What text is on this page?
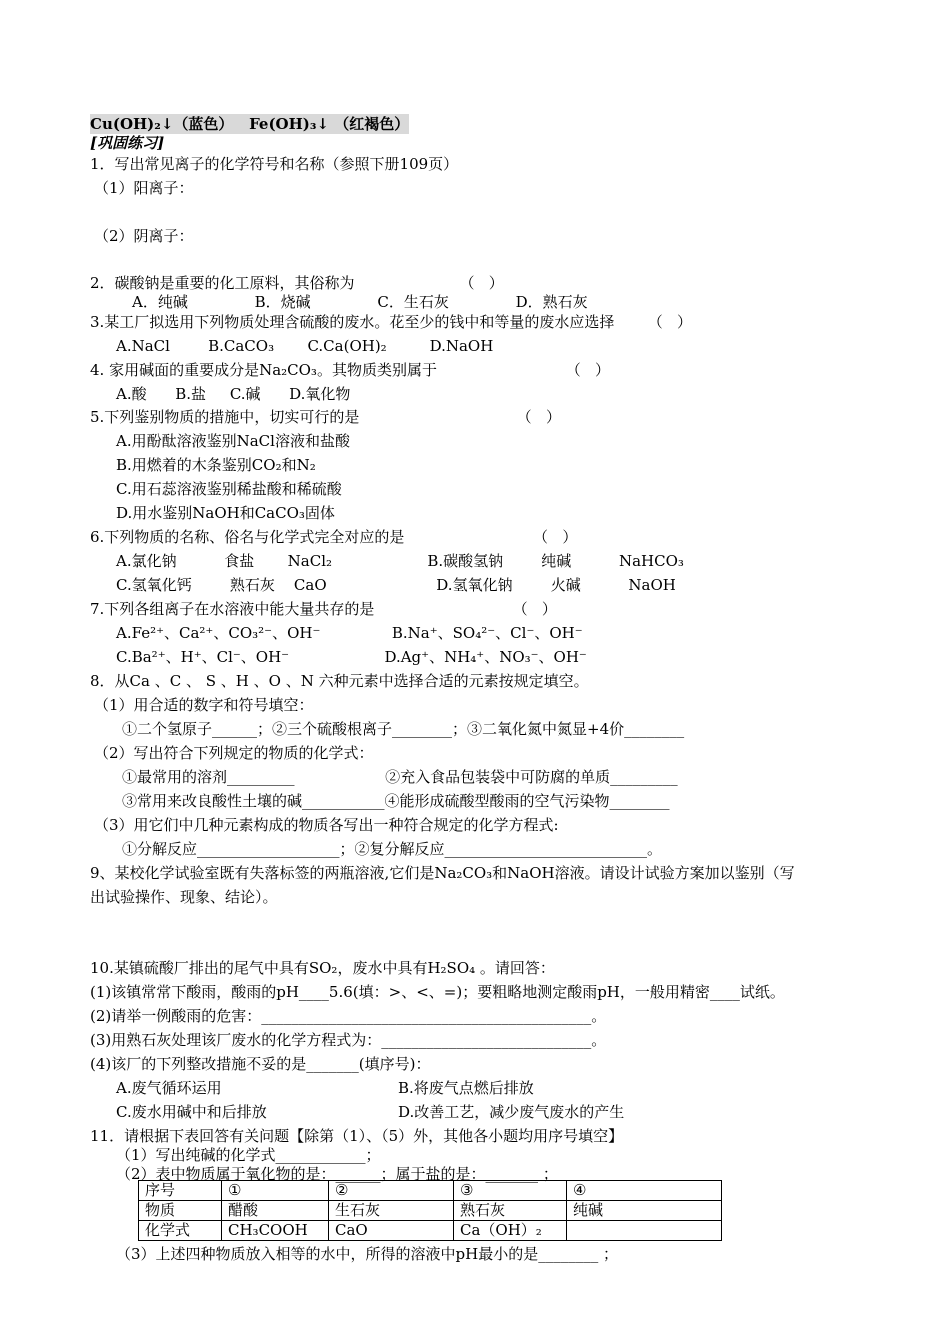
Cu(OH)₂↓（蓝色）   Fe(OH)₃↓ （红褐色）
[巩固练习]
1．写出常见离子的化学符号和名称（参照下册109页）
（1）阳离子：
（2）阴离子：
2．碳酸钠是重要的化工原料，其俗称为                      （   ）
A．纯碱              B．烧碱              C．生石灰              D．熟石灰
3.某工厂拟选用下列物质处理含硫酸的废水。花至少的钱中和等量的废水应选择       （   ）
A.NaCl        B.CaCO₃       C.Ca(OH)₂         D.NaOH
4. 家用碱面的重要成分是Na₂CO₃。其物质类别属于                           （   ）
A.酸      B.盐     C.碱      D.氧化物
5.下列鉴别物质的措施中，切实可行的是                                 （   ）
A.用酚酞溶液鉴别NaCl溶液和盐酸
B.用燃着的木条鉴别CO₂和N₂
C.用石蕊溶液鉴别稀盐酸和稀硫酸
D.用水鉴别NaOH和CaCO₃固体
6.下列物质的名称、俗名与化学式完全对应的是                           （   ）
A.氯化钠          食盐       NaCl₂                    B.碳酸氢钠        纯碱          NaHCO₃
C.氢氧化钙        熟石灰    CaO                       D.氢氧化钠        火碱          NaOH
7.下列各组离子在水溶液中能大量共存的是                             （   ）
A.Fe²⁺、Ca²⁺、CO₃²⁻、OH⁻               B.Na⁺、SO₄²⁻、Cl⁻、OH⁻
C.Ba²⁺、H⁺、Cl⁻、OH⁻                    D.Ag⁺、NH₄⁺、NO₃⁻、OH⁻
8．从Ca 、C 、 S 、H 、O 、N 六种元素中选择合适的元素按规定填空。
（1）用合适的数字和符号填空：
①二个氢原子______；②三个硫酸根离子________；③二氧化氮中氮显+4价________
（2）写出符合下列规定的物质的化学式：
①最常用的溶剂_________                   ②充入食品包装袋中可防腐的单质_________
③常用来改良酸性土壤的碱___________④能形成硫酸型酸雨的空气污染物________
（3）用它们中几种元素构成的物质各写出一种符合规定的化学方程式:
①分解反应___________________；②复分解反应___________________________。
9、某校化学试验室既有失落标签的两瓶溶液,它们是Na₂CO₃和NaOH溶液。请设计试验方案加以鉴别（写
出试验操作、现象、结论）。
10.某镇硫酸厂排出的尾气中具有SO₂，废水中具有H₂SO₄ 。请回答：
(1)该镇常常下酸雨，酸雨的pH____5.6(填：>、<、=)；要粗略地测定酸雨pH，一般用精密____试纸。
(2)请举一例酸雨的危害：____________________________________________。
(3)用熟石灰处理该厂废水的化学方程式为：____________________________。
(4)该厂的下列整改措施不妥的是_______(填序号)：
A.废气循环运用	B.将废气点燃后排放
C.废水用碱中和后排放	D.改善工艺，减少废气废水的产生
11．请根据下表回答有关问题【除第（1）、（5）外，其他各小题均用序号填空】
（1）写出纯碱的化学式____________；
（2）表中物质属于氧化物的是：______；属于盐的是：_______ ；
序号	①	②	③	④
物质	醋酸	生石灰	熟石灰	纯碱
化学式	CH₃COOH	CaO	Ca（OH）₂	
（3）上述四种物质放入相等的水中，所得的溶液中pH最小的是________ ；
